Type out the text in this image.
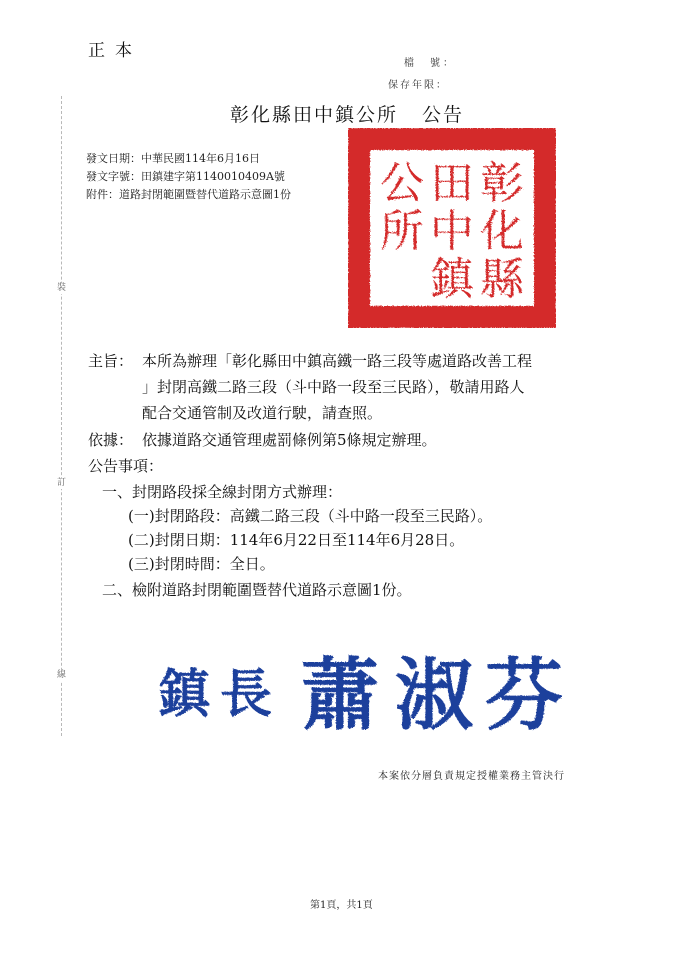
正本
檔　號：
保存年限：
裝
訂
線
彰化縣田中鎮公所 公告
發文日期：中華民國114年6月16日
發文字號：田鎮建字第1140010409A號
附件：道路封閉範圍暨替代道路示意圖1份	彰
化
縣
田
中
鎮
公
所
主旨： 本所為辦理「彰化縣田中鎮高鐵一路三段等處道路改善工程
」封閉高鐵二路三段（斗中路一段至三民路），敬請用路人
配合交通管制及改道行駛，請查照。
依據： 依據道路交通管理處罰條例第5條規定辦理。
公告事項：
一、封閉路段採全線封閉方式辦理：
(一)封閉路段：高鐵二路三段（斗中路一段至三民路）。
(二)封閉日期：114年6月22日至114年6月28日。
(三)封閉時間：全日。
二、檢附道路封閉範圍暨替代道路示意圖1份。
鎮 長 蕭 淑 芬
本案依分層負責規定授權業務主管決行
第1頁，共1頁
